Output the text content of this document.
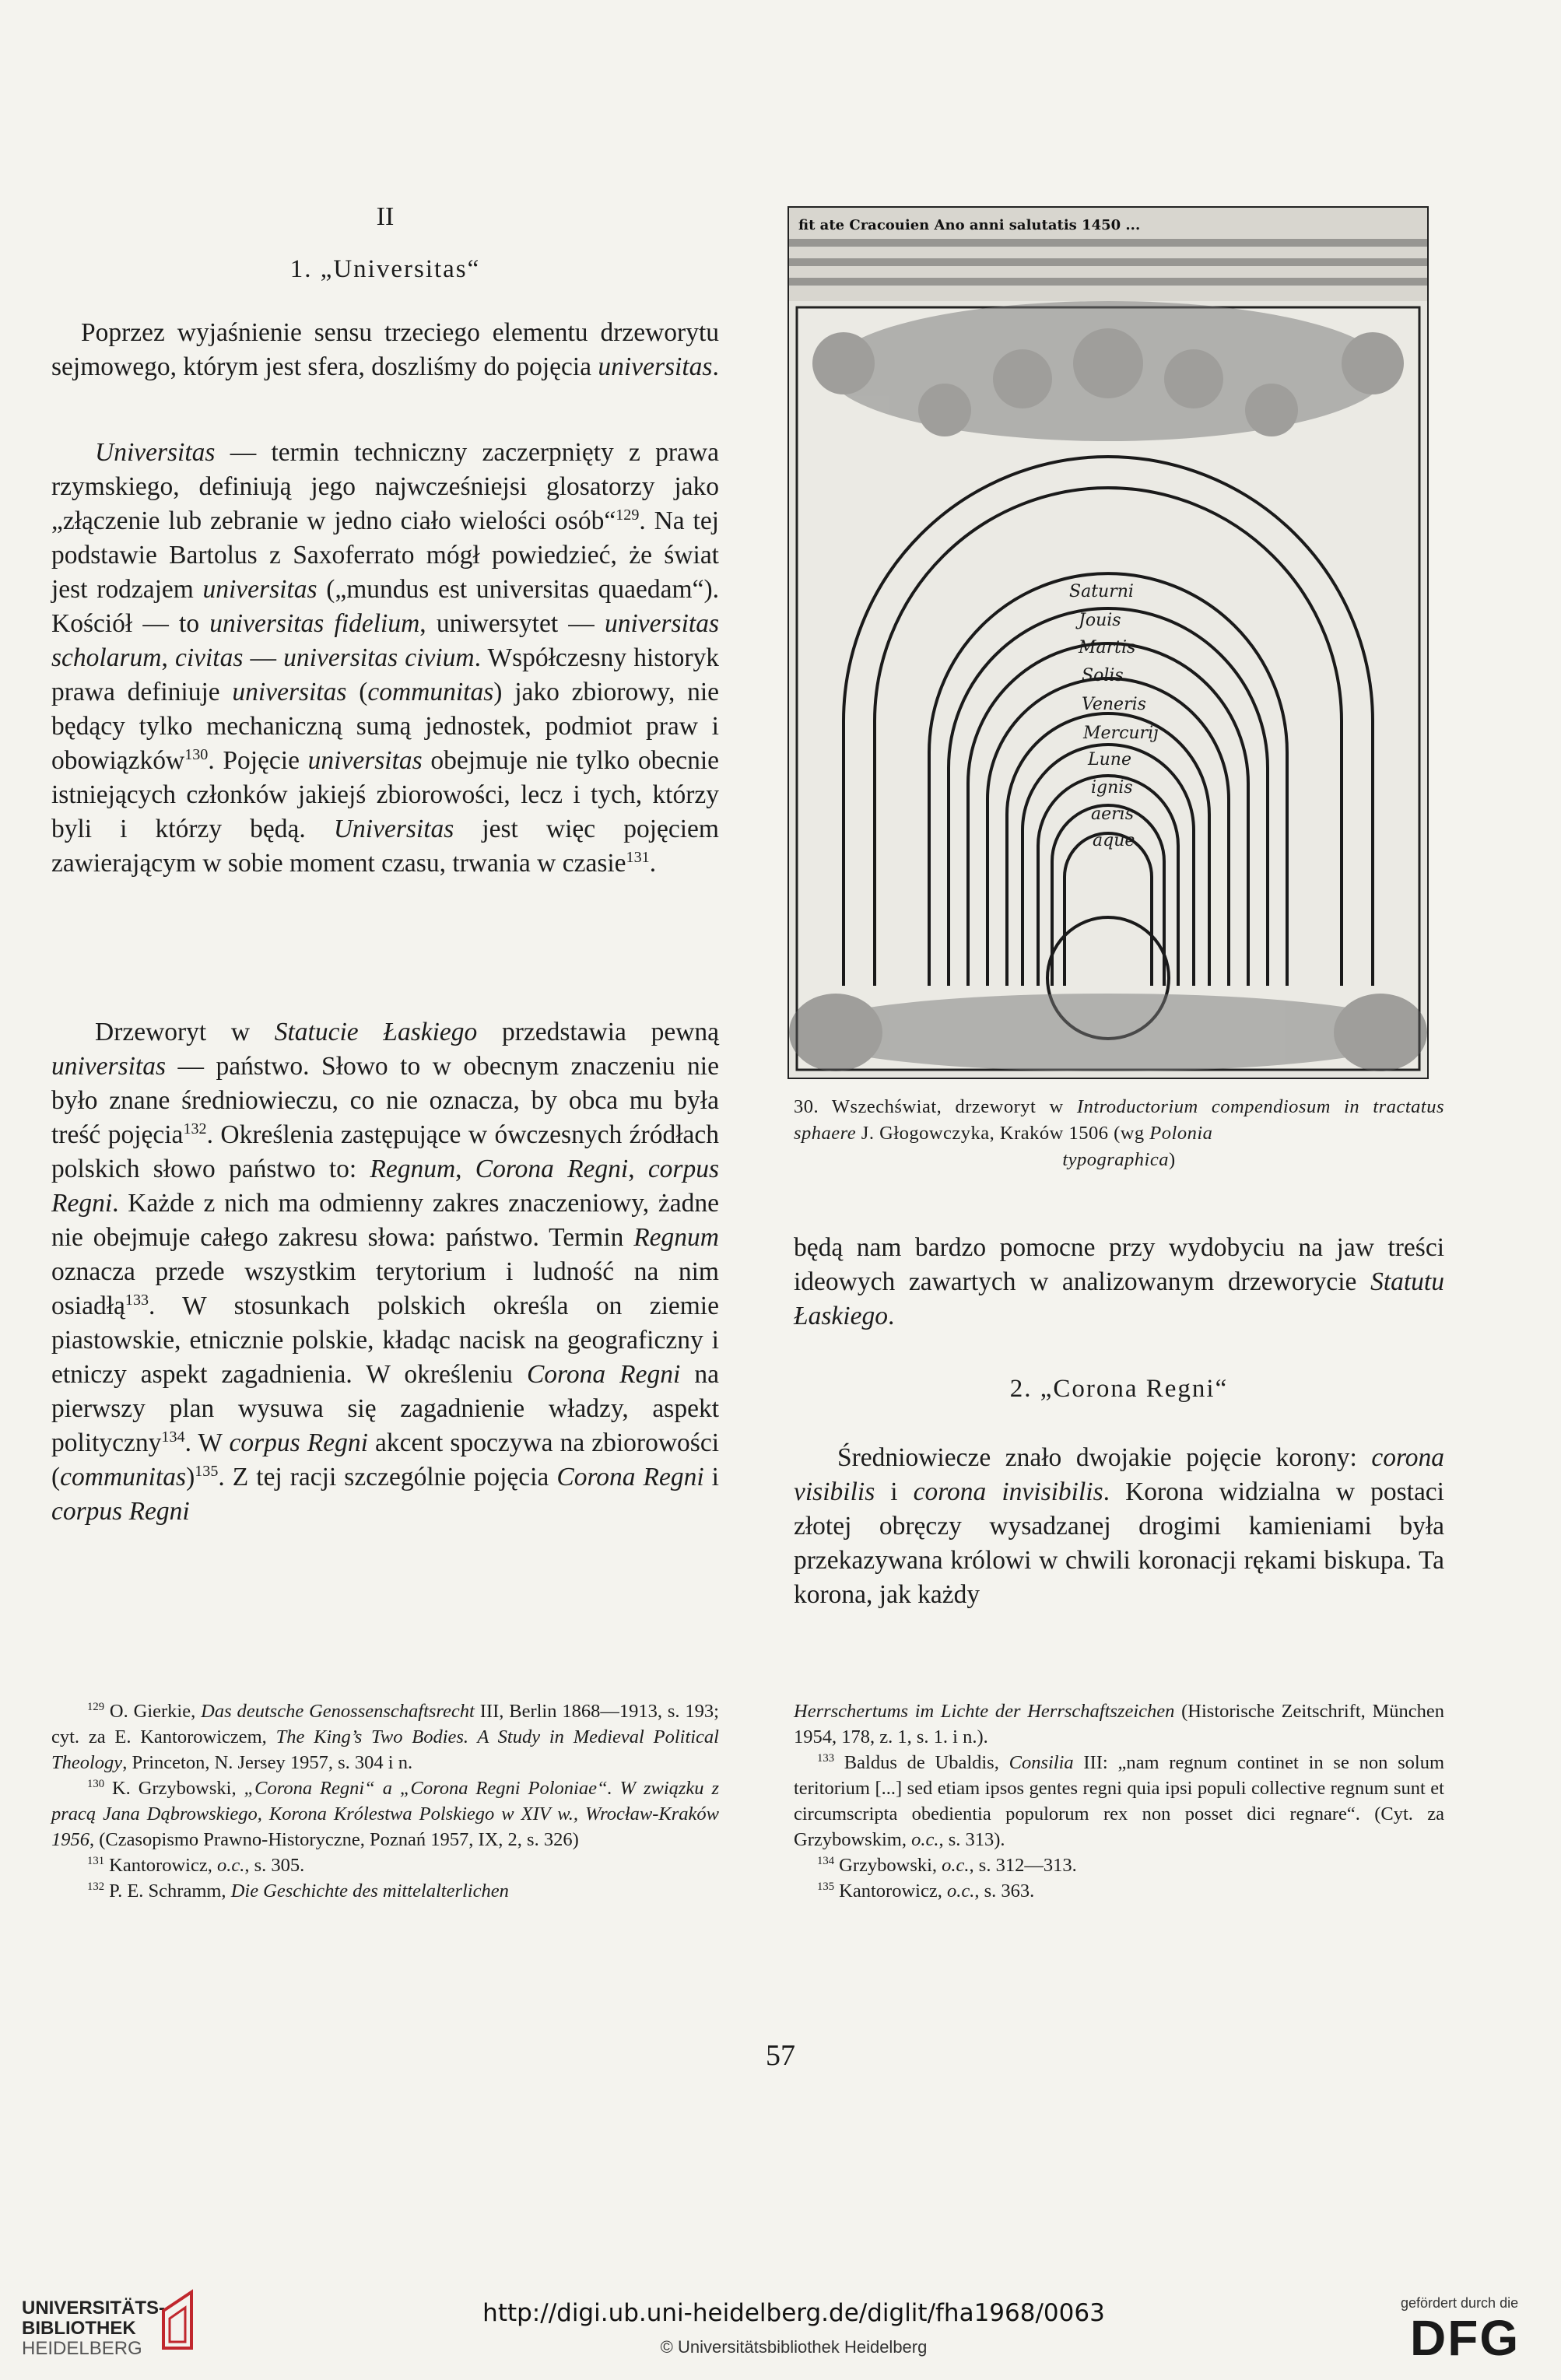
II
1. „Universitas“

Poprzez wyjaśnienie sensu trzeciego elementu drzeworytu sejmowego, którym jest sfera, doszliśmy do pojęcia universitas.

Universitas — termin techniczny zaczerpnięty z prawa rzymskiego, definiują jego najwcześniejsi glosatorzy jako „złączenie lub zebranie w jedno ciało wielości osób“$^{129}$. Na tej podstawie Bartolus z Saxoferrato mógł powiedzieć, że świat jest rodzajem universitas („mundus est universitas quaedam“). Kościół — to universitas fidelium, uniwersytet — universitas scholarum, civitas — universitas civium. Współczesny historyk prawa definiuje universitas (communitas) jako zbiorowy, nie będący tylko mechaniczną sumą jednostek, podmiot praw i obowiązków$^{130}$. Pojęcie universitas obejmuje nie tylko obecnie istniejących członków jakiejś zbiorowości, lecz i tych, którzy byli i którzy będą. Universitas jest więc pojęciem zawierającym w sobie moment czasu, trwania w czasie$^{131}$.

Drzeworyt w Statucie Łaskiego przedstawia pewną universitas — państwo. Słowo to w obecnym znaczeniu nie było znane średniowieczu, co nie oznacza, by obca mu była treść pojęcia$^{132}$. Określenia zastępujące w ówczesnych źródłach polskich słowo państwo to: Regnum, Corona Regni, corpus Regni. Każde z nich ma odmienny zakres znaczeniowy, żadne nie obejmuje całego zakresu słowa: państwo. Termin Regnum oznacza przede wszystkim terytorium i ludność na nim osiadłą$^{133}$. W stosunkach polskich określa on ziemie piastowskie, etnicznie polskie, kładąc nacisk na geograficzny i etniczy aspekt zagadnienia. W określeniu Corona Regni na pierwszy plan wysuwa się zagadnienie władzy, aspekt polityczny$^{134}$. W corpus Regni akcent spoczywa na zbiorowości (communitas)$^{135}$. Z tej racji szczególnie pojęcia Corona Regni i corpus Regni

fit ate Cracouien Ano anni salutatis 1450 ...
Saturni
Jouis
Martis
Solis
Veneris
Mercurij
Lune
ignis
aeris
aque
30. Wszechświat, drzeworyt w Introductorium compendiosum in tractatus sphaere J. Głogowczyka, Kraków 1506 (wg Polonia
typographica)

będą nam bardzo pomocne przy wydobyciu na jaw treści ideowych zawartych w analizowanym drzeworycie Statutu Łaskiego.

2. „Corona Regni“

Średniowiecze znało dwojakie pojęcie korony: corona visibilis i corona invisibilis. Korona widzialna w postaci złotej obręczy wysadzanej drogimi kamieniami była przekazywana królowi w chwili koronacji rękami biskupa. Ta korona, jak każdy

$^{129}$ O. Gierkie, Das deutsche Genossenschaftsrecht III, Berlin 1868—1913, s. 193; cyt. za E. Kantorowiczem, The King’s Two Bodies. A Study in Medieval Political Theology, Princeton, N. Jersey 1957, s. 304 i n.

$^{130}$ K. Grzybowski, „Corona Regni“ a „Corona Regni Poloniae“. W związku z pracą Jana Dąbrowskiego, Korona Królestwa Polskiego w XIV w., Wrocław-Kraków 1956, (Czasopismo Prawno-Historyczne, Poznań 1957, IX, 2, s. 326)

$^{131}$ Kantorowicz, o.c., s. 305.

$^{132}$ P. E. Schramm, Die Geschichte des mittelalterlichen

Herrschertums im Lichte der Herrschaftszeichen (Historische Zeitschrift, München 1954, 178, z. 1, s. 1. i n.).

$^{133}$ Baldus de Ubaldis, Consilia III: „nam regnum continet in se non solum teritorium [...] sed etiam ipsos gentes regni quia ipsi populi collective regnum sunt et circumscripta obedientia populorum rex non posset dici regnare“. (Cyt. za Grzybowskim, o.c., s. 313).

$^{134}$ Grzybowski, o.c., s. 312—313.

$^{135}$ Kantorowicz, o.c., s. 363.

57
UNIVERSITÄTS-
BIBLIOTHEK
HEIDELBERG
http://digi.ub.uni-heidelberg.de/diglit/fha1968/0063
© Universitätsbibliothek Heidelberg
gefördert durch die
DFG
